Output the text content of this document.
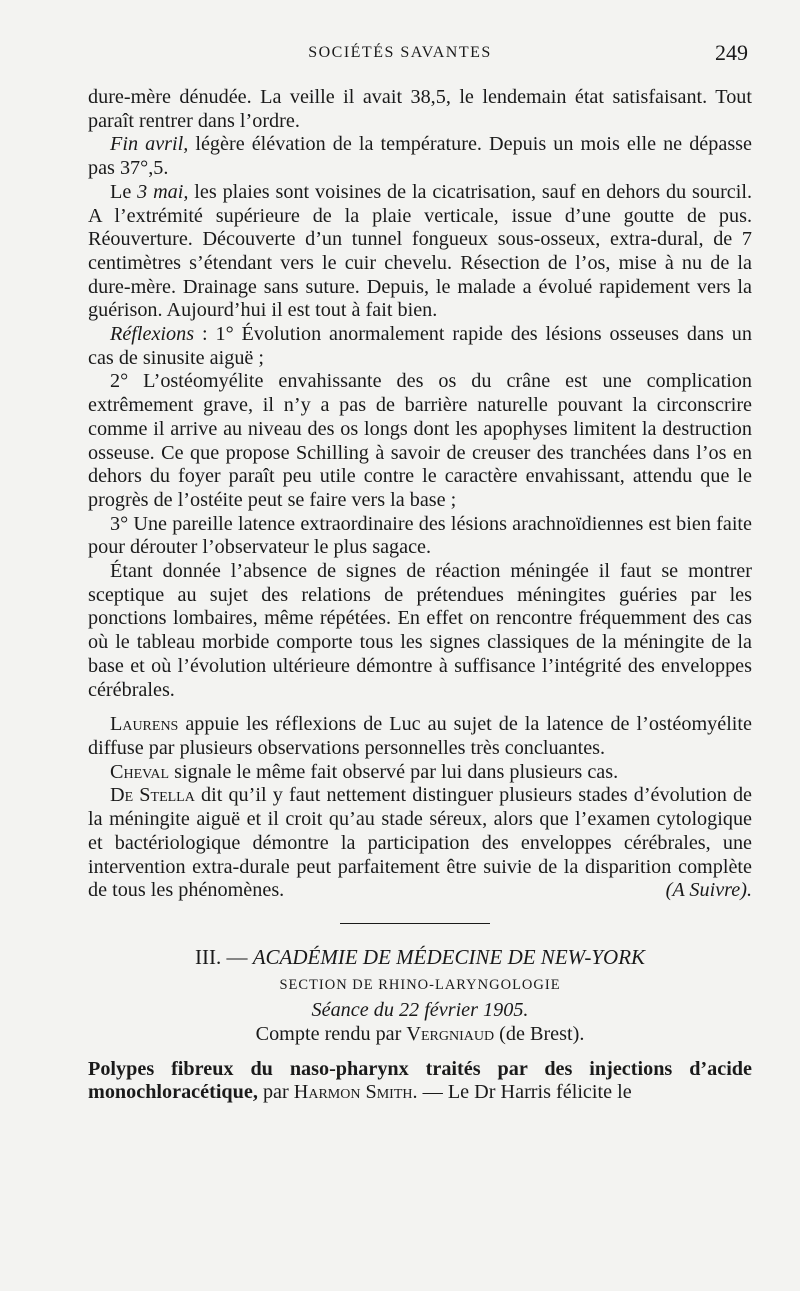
SOCIÉTÉS SAVANTES	249

dure-mère dénudée. La veille il avait 38,5, le lendemain état satisfaisant. Tout paraît rentrer dans l’ordre.

Fin avril, légère élévation de la température. Depuis un mois elle ne dépasse pas 37°,5.

Le 3 mai, les plaies sont voisines de la cicatrisation, sauf en dehors du sourcil. A l’extrémité supérieure de la plaie verticale, issue d’une goutte de pus. Réouverture. Découverte d’un tunnel fongueux sous-osseux, extra-dural, de 7 centimètres s’étendant vers le cuir chevelu. Résection de l’os, mise à nu de la dure-mère. Drainage sans suture. Depuis, le malade a évolué rapidement vers la guérison. Aujourd’hui il est tout à fait bien.

Réflexions : 1° Évolution anormalement rapide des lésions osseuses dans un cas de sinusite aiguë ;

2° L’ostéomyélite envahissante des os du crâne est une complication extrêmement grave, il n’y a pas de barrière naturelle pouvant la circonscrire comme il arrive au niveau des os longs dont les apophyses limitent la destruction osseuse. Ce que propose Schilling à savoir de creuser des tranchées dans l’os en dehors du foyer paraît peu utile contre le caractère envahissant, attendu que le progrès de l’ostéite peut se faire vers la base ;

3° Une pareille latence extraordinaire des lésions arachnoïdiennes est bien faite pour dérouter l’observateur le plus sagace.

Étant donnée l’absence de signes de réaction méningée il faut se montrer sceptique au sujet des relations de prétendues méningites guéries par les ponctions lombaires, même répétées. En effet on rencontre fréquemment des cas où le tableau morbide comporte tous les signes classiques de la méningite de la base et où l’évolution ultérieure démontre à suffisance l’intégrité des enveloppes cérébrales.

Laurens appuie les réflexions de Luc au sujet de la latence de l’ostéomyélite diffuse par plusieurs observations personnelles très concluantes.

Cheval signale le même fait observé par lui dans plusieurs cas.

De Stella dit qu’il y faut nettement distinguer plusieurs stades d’évolution de la méningite aiguë et il croit qu’au stade séreux, alors que l’examen cytologique et bactériologique démontre la participation des enveloppes cérébrales, une intervention extra-durale peut parfaitement être suivie de la disparition complète de tous les phénomènes.	(A Suivre).

III. — ACADÉMIE DE MÉDECINE DE NEW-YORK

SECTION DE RHINO-LARYNGOLOGIE

Séance du 22 février 1905.

Compte rendu par Vergniaud (de Brest).

Polypes fibreux du naso-pharynx traités par des injections d’acide monochloracétique, par Harmon Smith. — Le Dr Harris félicite le
